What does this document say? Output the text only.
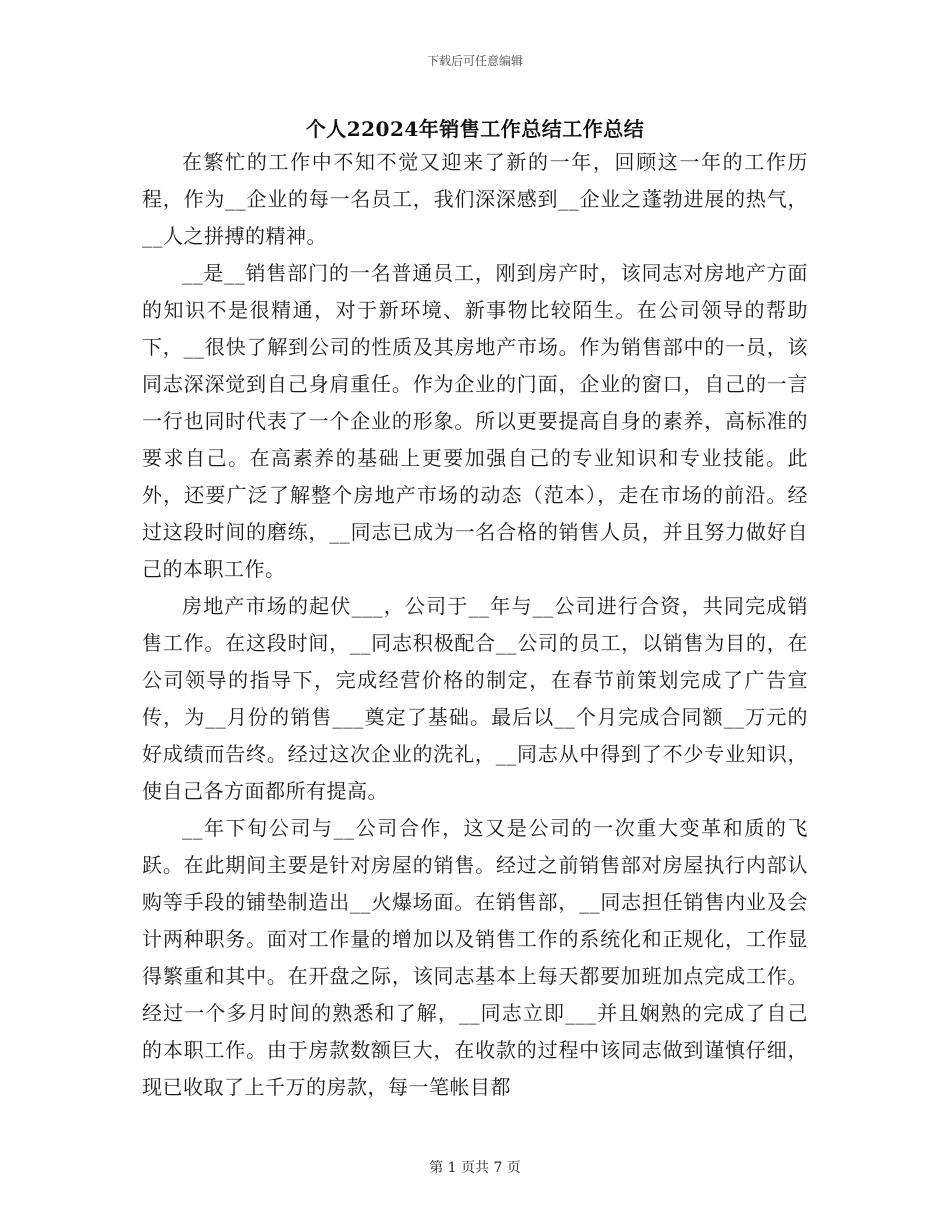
下载后可任意编辑
个人22024年销售工作总结工作总结

在繁忙的工作中不知不觉又迎来了新的一年，回顾这一年的工作历程，作为__企业的每一名员工，我们深深感到__企业之蓬勃进展的热气，__人之拼搏的精神。

__是__销售部门的一名普通员工，刚到房产时，该同志对房地产方面的知识不是很精通，对于新环境、新事物比较陌生。在公司领导的帮助下，__很快了解到公司的性质及其房地产市场。作为销售部中的一员，该同志深深觉到自己身肩重任。作为企业的门面，企业的窗口，自己的一言一行也同时代表了一个企业的形象。所以更要提高自身的素养，高标准的要求自己。在高素养的基础上更要加强自己的专业知识和专业技能。此外，还要广泛了解整个房地产市场的动态（范本），走在市场的前沿。经过这段时间的磨练，__同志已成为一名合格的销售人员，并且努力做好自己的本职工作。

房地产市场的起伏___，公司于__年与__公司进行合资，共同完成销售工作。在这段时间，__同志积极配合__公司的员工，以销售为目的，在公司领导的指导下，完成经营价格的制定，在春节前策划完成了广告宣传，为__月份的销售___奠定了基础。最后以__个月完成合同额__万元的好成绩而告终。经过这次企业的洗礼，__同志从中得到了不少专业知识，使自己各方面都所有提高。

__年下旬公司与__公司合作，这又是公司的一次重大变革和质的飞跃。在此期间主要是针对房屋的销售。经过之前销售部对房屋执行内部认购等手段的铺垫制造出__火爆场面。在销售部，__同志担任销售内业及会计两种职务。面对工作量的增加以及销售工作的系统化和正规化，工作显得繁重和其中。在开盘之际，该同志基本上每天都要加班加点完成工作。经过一个多月时间的熟悉和了解，__同志立即___并且娴熟的完成了自己的本职工作。由于房款数额巨大，在收款的过程中该同志做到谨慎仔细，现已收取了上千万的房款，每一笔帐目都

第 1 页共 7 页
